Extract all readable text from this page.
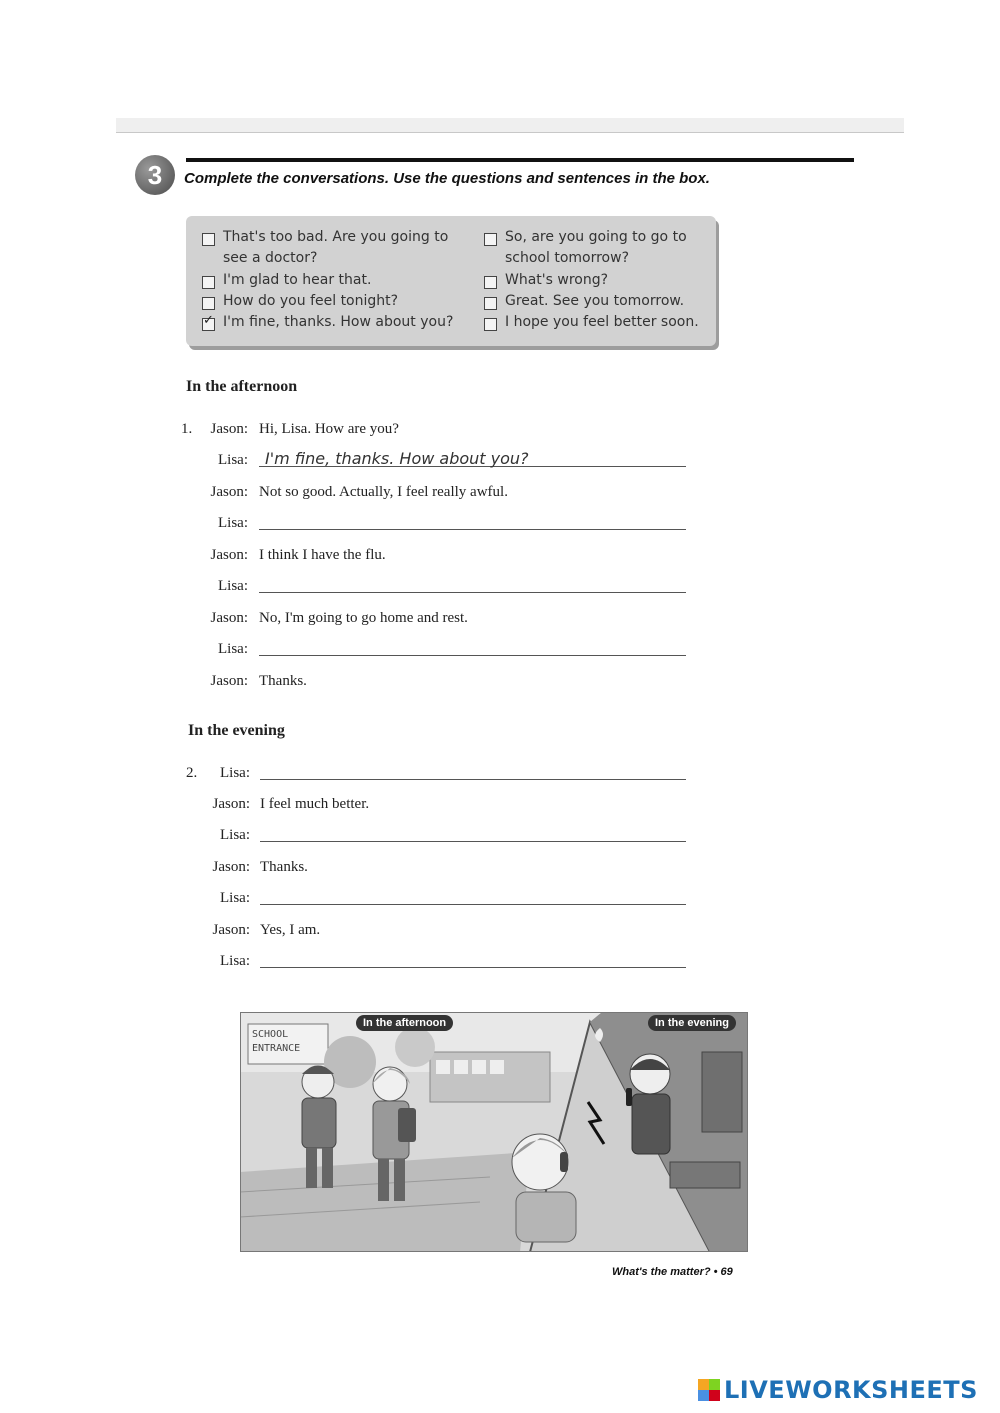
3	Complete the conversations. Use the questions and sentences in the box.
That's too bad. Are you going to see a doctor?
I'm glad to hear that.
How do you feel tonight?
✓
I'm fine, thanks. How about you?
So, are you going to go to school tomorrow?
What's wrong?
Great. See you tomorrow.
I hope you feel better soon.
In the afternoon
1.	Jason: Hi, Lisa. How are you?
Lisa: I'm fine, thanks. How about you?
Jason: Not so good. Actually, I feel really awful.
Lisa:
Jason: I think I have the flu.
Lisa:
Jason: No, I'm going to go home and rest.
Lisa:
Jason: Thanks.
In the evening
2.	Lisa:
Jason: I feel much better.
Lisa:
Jason: Thanks.
Lisa:
Jason: Yes, I am.
Lisa:
SCHOOL
ENTRANCE
In the afternoon	In the evening
What's the matter? • 69
LIVEWORKSHEETS
